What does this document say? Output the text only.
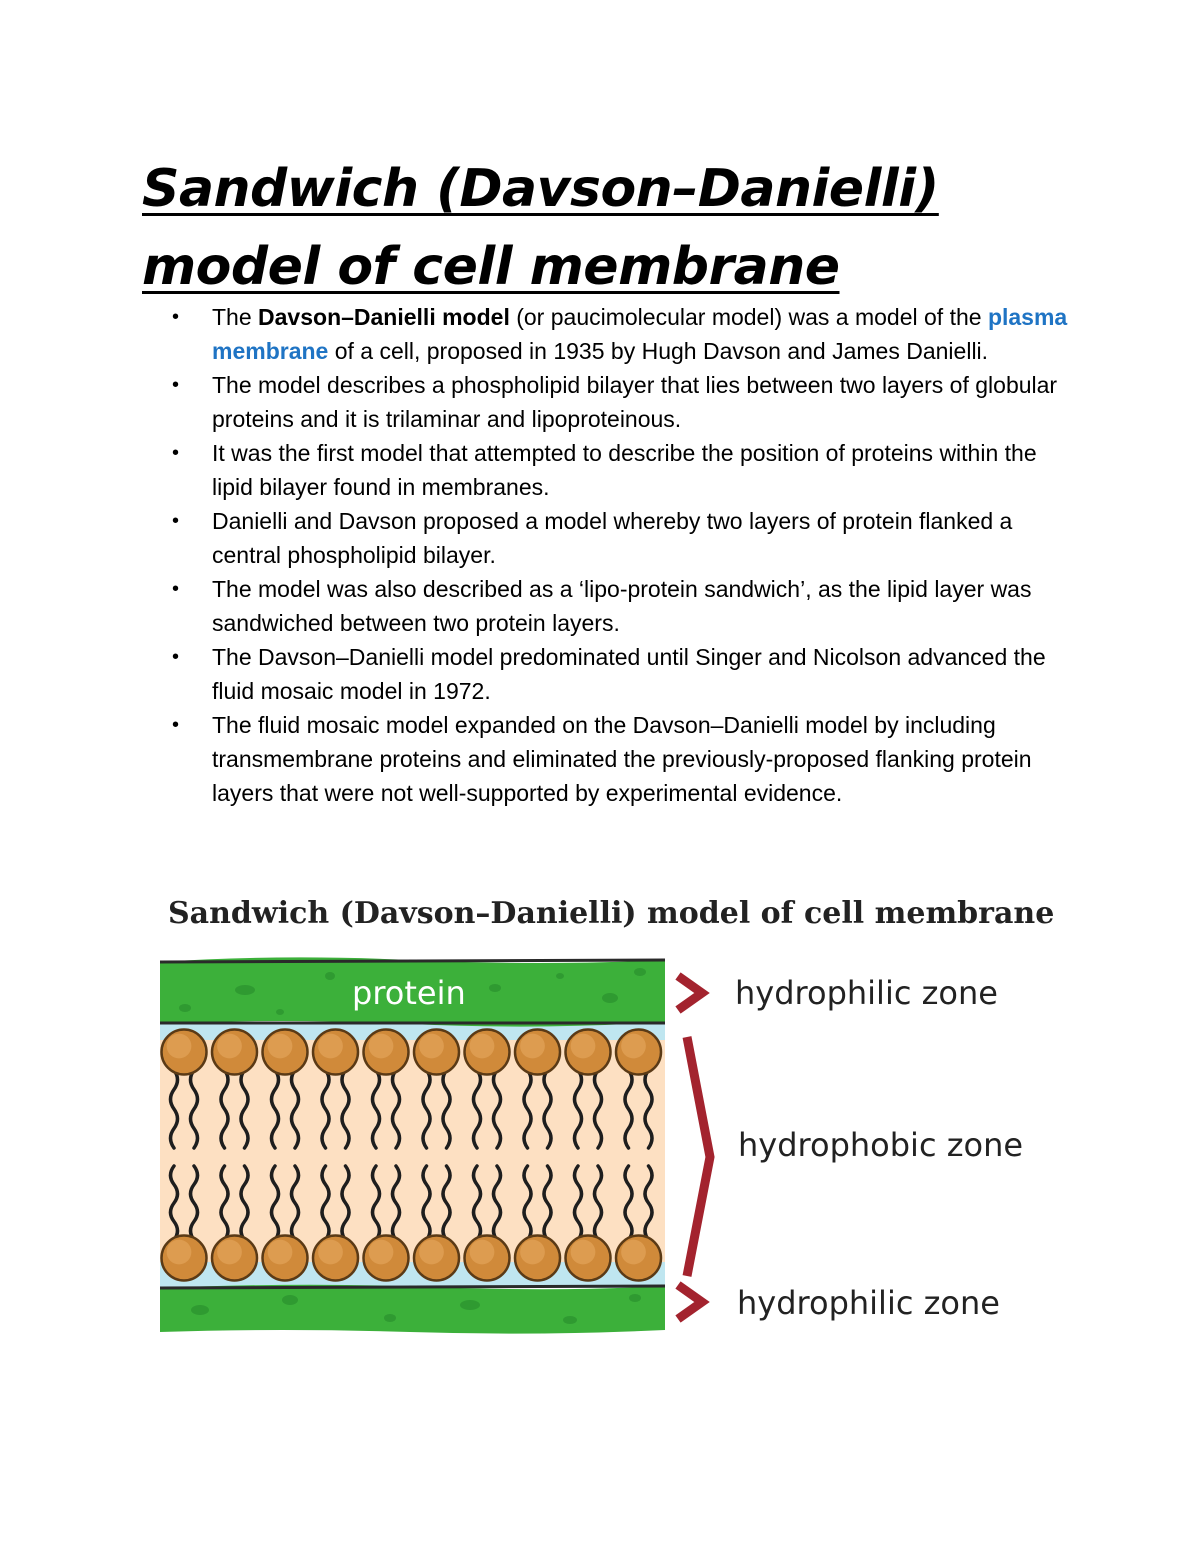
Sandwich (Davson–Danielli)
model of cell membrane
• The Davson–Danielli model (or paucimolecular model) was a model of the plasma membrane of a cell, proposed in 1935 by Hugh Davson and James Danielli.
• The model describes a phospholipid bilayer that lies between two layers of globular proteins and it is trilaminar and lipoproteinous.
• It was the first model that attempted to describe the position of proteins within the lipid bilayer found in membranes.
• Danielli and Davson proposed a model whereby two layers of protein flanked a central phospholipid bilayer.
• The model was also described as a ‘lipo-protein sandwich’, as the lipid layer was sandwiched between two protein layers.
• The Davson–Danielli model predominated until Singer and Nicolson advanced the fluid mosaic model in 1972.
• The fluid mosaic model expanded on the Davson–Danielli model by including transmembrane proteins and eliminated the previously-proposed flanking protein layers that were not well-supported by experimental evidence.
Sandwich (Davson–Danielli) model of cell membrane
protein	hydrophilic zone
hydrophobic zone
hydrophilic zone
